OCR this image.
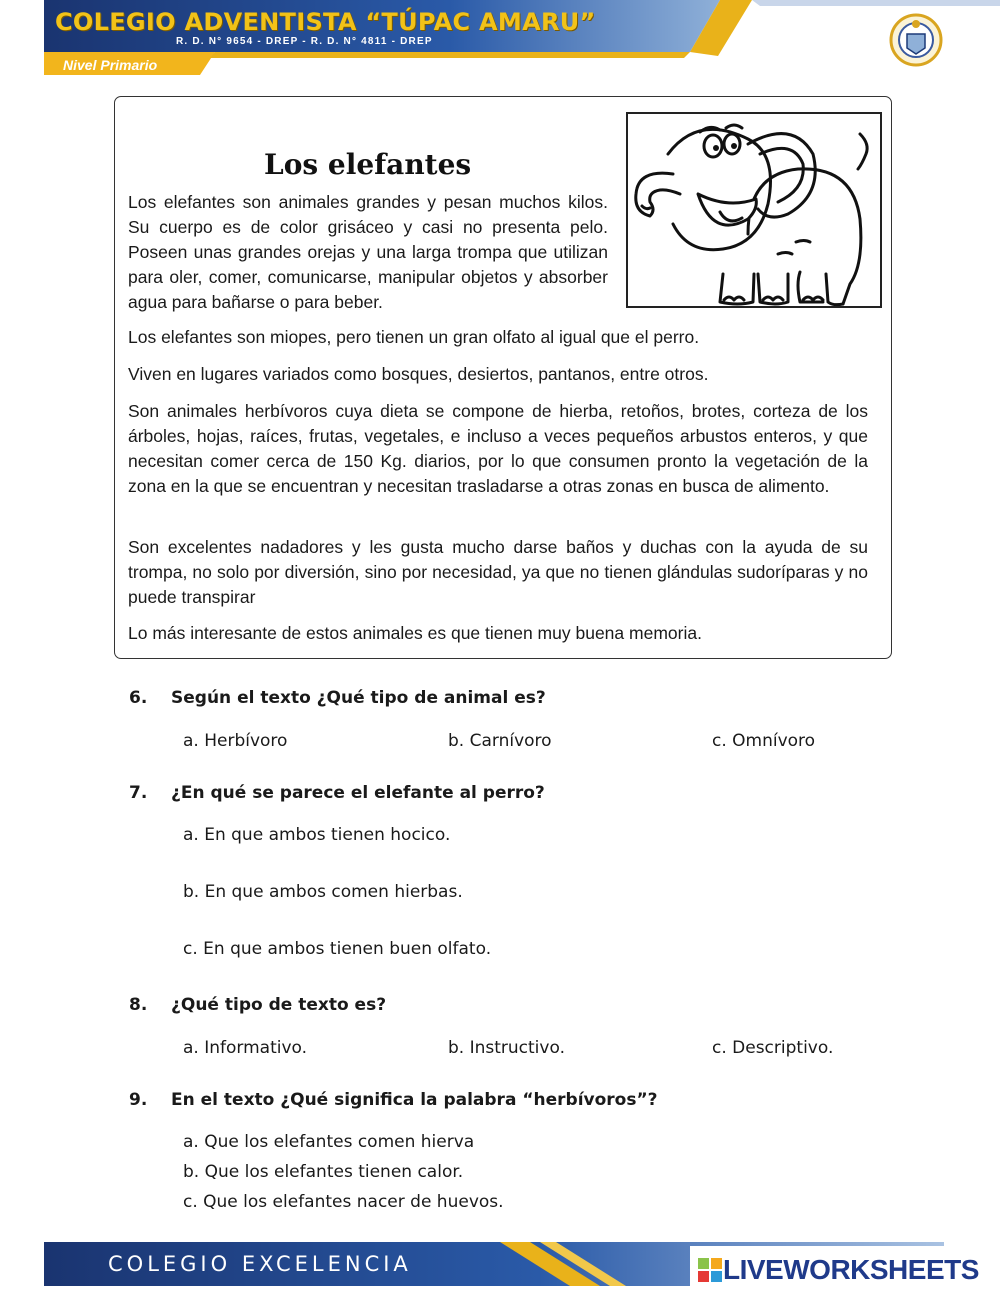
COLEGIO ADVENTISTA “TÚPAC AMARU”
R. D. N° 9654 - DREP - R. D. N° 4811 - DREP
Nivel Primario
Los elefantes
Los elefantes son animales grandes y pesan muchos kilos. Su cuerpo es de color grisáceo y casi no presenta pelo. Poseen unas grandes orejas y una larga trompa que utilizan para oler, comer, comunicarse, manipular objetos y absorber agua para bañarse o para beber.
Los elefantes son miopes, pero tienen un gran olfato al igual que el perro.
Viven en lugares variados como bosques, desiertos, pantanos, entre otros.
Son animales herbívoros cuya dieta se compone de hierba, retoños, brotes, corteza de los árboles, hojas, raíces, frutas, vegetales, e incluso a veces pequeños arbustos enteros, y que necesitan comer cerca de 150 Kg. diarios, por lo que consumen pronto la vegetación de la zona en la que se encuentran y necesitan trasladarse a otras zonas en busca de alimento.
Son excelentes nadadores y les gusta mucho darse baños y duchas con la ayuda de su trompa, no solo por diversión, sino por necesidad, ya que no tienen glándulas sudoríparas y no puede transpirar
Lo más interesante de estos animales es que tienen muy buena memoria.
6. Según el texto ¿Qué tipo de animal es?
a. Herbívoro	b. Carnívoro	c. Omnívoro
7. ¿En qué se parece el elefante al perro?
a. En que ambos tienen hocico.
b. En que ambos comen hierbas.
c. En que ambos tienen buen olfato.
8. ¿Qué tipo de texto es?
a. Informativo.	b. Instructivo.	c. Descriptivo.
9. En el texto ¿Qué significa la palabra “herbívoros”?
a. Que los elefantes comen hierva
b. Que los elefantes tienen calor.
c. Que los elefantes nacer de huevos.
COLEGIO EXCELENCIA	LIVEWORKSHEETS
